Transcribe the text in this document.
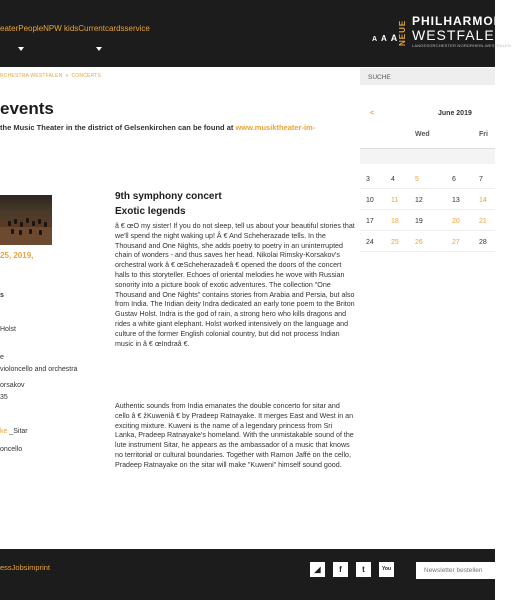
eaterPeopleNPW kidsCurrentcardsservice
A A A NEUE PHILHARMONIE
WESTFALEN
LANDESORCHESTER NORDRHEIN-WESTFALEN
RCHESTRA WESTFALEN » CONCERTS
events
the Music Theater in the district of Gelsenkirchen can be found at www.musiktheater-im-
SUCHE
<	June 2019
Wed	Fri
3	4	5	6	7
10 11 12	13	14
17 18 19	20	21
24 25 26	27	28
25, 2019,
s
Holst
e
violoncello and orchestra
orsakov
35
ke _Sitar
oncello
9th symphony concert
Exotic legends
â € œO my sister! If you do not sleep, tell us about your beautiful stories that we'll spend the night waking up! Â € And Scheherazade tells. In the Thousand and One Nights, she adds poetry to poetry in an uninterrupted chain of wonders - and thus saves her head. Nikolai Rimsky-Korsakov's orchestral work â € œScheherazadeâ € opened the doors of the concert halls to this storyteller. Echoes of oriental melodies he wove with Russian sonority into a picture book of exotic adventures. The collection "One Thousand and One Nights" contains stories from Arabia and Persia, but also from India. The Indian deity Indra dedicated an early tone poem to the Briton Gustav Holst. Indra is the god of rain, a strong hero who kills dragons and rides a white giant elephant. Holst worked intensively on the language and culture of the former English colonial country, but did not process Indian music in â € œIndraâ €.
Authentic sounds from India emanates the double concerto for sitar and cello â € žKuweniâ € by Pradeep Ratnayake. It merges East and West in an exciting mixture. Kuweni is the name of a legendary princess from Sri Lanka, Pradeep Ratnayake's homeland. With the unmistakable sound of the lute instrument Sitar, he appears as the ambassador of a music that knows no territorial or cultural boundaries. Together with Ramon Jaffé on the cello, Pradeep Ratnayake on the sitar will make "Kuweni" himself sound good.
essJobsimprint	◢	f	t	You
Newsletter bestellen
